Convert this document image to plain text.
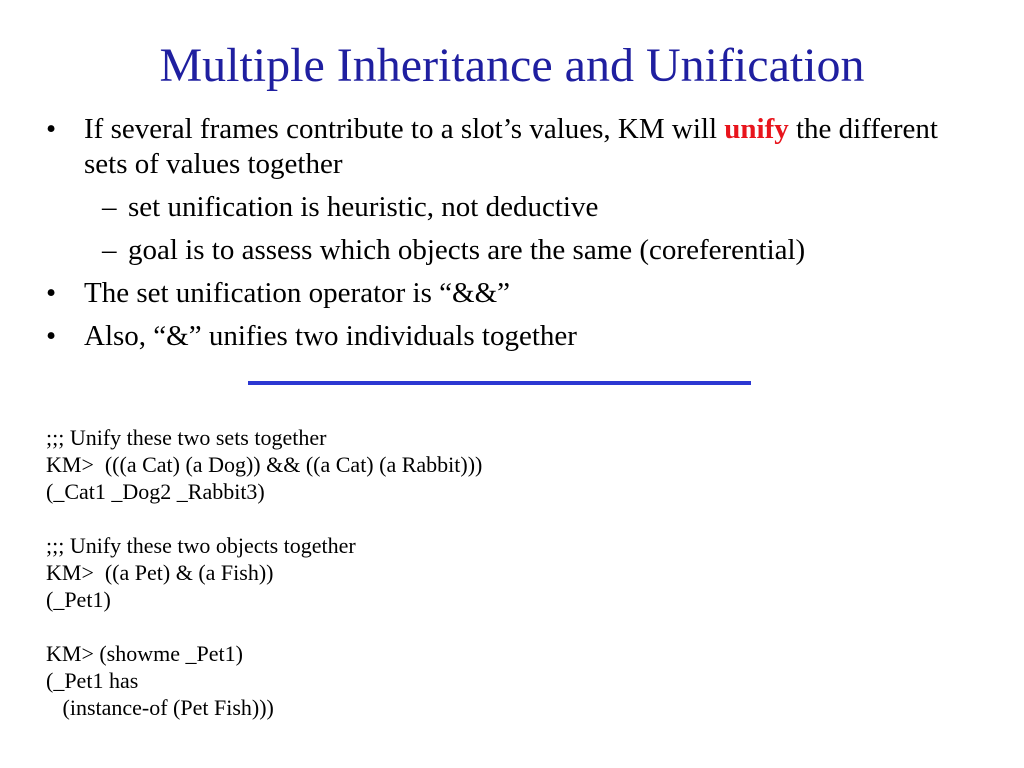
Multiple Inheritance and Unification
• If several frames contribute to a slot’s values, KM will unify the different sets of values together
– set unification is heuristic, not deductive
– goal is to assess which objects are the same (coreferential)
• The set unification operator is “&&”
• Also, “&” unifies two individuals together
;;; Unify these two sets together
KM>  (((a Cat) (a Dog)) && ((a Cat) (a Rabbit)))
(_Cat1 _Dog2 _Rabbit3)
;;; Unify these two objects together
KM>  ((a Pet) & (a Fish))
(_Pet1)
KM> (showme _Pet1)
(_Pet1 has
(instance-of (Pet Fish)))
